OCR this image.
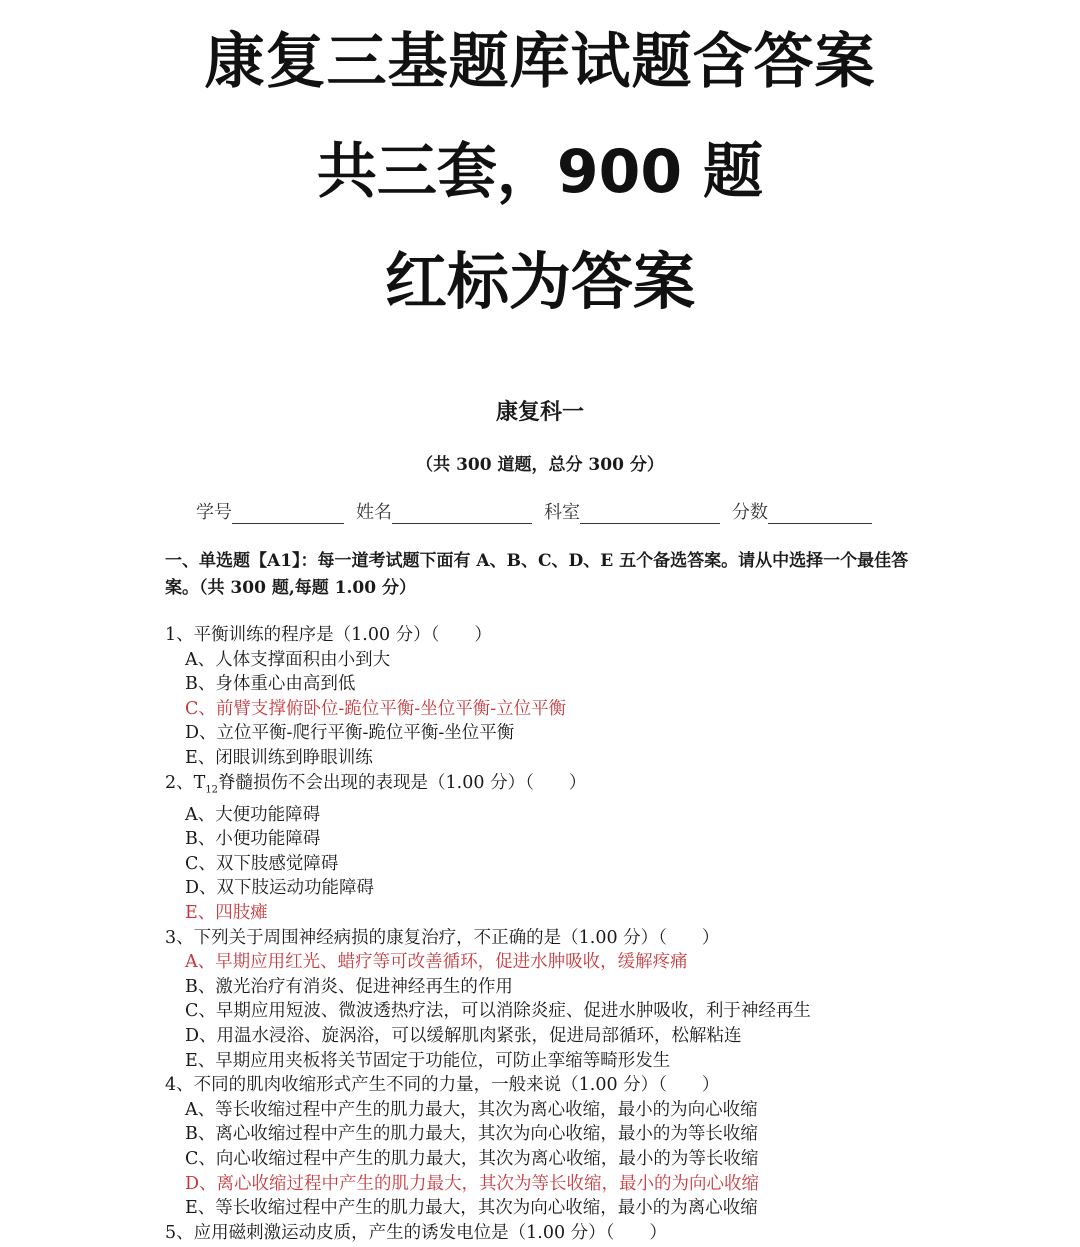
康复三基题库试题含答案
共三套，900 题
红标为答案
康复科一
（共 300 道题，总分 300 分）
学号	姓名	科室	分数
一、单选题【A1】：每一道考试题下面有 A、B、C、D、E 五个备选答案。请从中选择一个最佳答案。（共 300 题,每题 1.00 分）
1、平衡训练的程序是（1.00 分）（　　）
A、人体支撑面积由小到大
B、身体重心由高到低
C、前臂支撑俯卧位-跪位平衡-坐位平衡-立位平衡
D、立位平衡-爬行平衡-跪位平衡-坐位平衡
E、闭眼训练到睁眼训练
2、$T_{12}$脊髓损伤不会出现的表现是（1.00 分）（　　）
A、大便功能障碍
B、小便功能障碍
C、双下肢感觉障碍
D、双下肢运动功能障碍
E、四肢瘫
3、下列关于周围神经病损的康复治疗，不正确的是（1.00 分）（　　）
A、早期应用红光、蜡疗等可改善循环，促进水肿吸收，缓解疼痛
B、激光治疗有消炎、促进神经再生的作用
C、早期应用短波、微波透热疗法，可以消除炎症、促进水肿吸收，利于神经再生
D、用温水浸浴、旋涡浴，可以缓解肌肉紧张，促进局部循环，松解粘连
E、早期应用夹板将关节固定于功能位，可防止挛缩等畸形发生
4、不同的肌肉收缩形式产生不同的力量，一般来说（1.00 分）（　　）
A、等长收缩过程中产生的肌力最大，其次为离心收缩，最小的为向心收缩
B、离心收缩过程中产生的肌力最大，其次为向心收缩，最小的为等长收缩
C、向心收缩过程中产生的肌力最大，其次为离心收缩，最小的为等长收缩
D、离心收缩过程中产生的肌力最大，其次为等长收缩，最小的为向心收缩
E、等长收缩过程中产生的肌力最大，其次为向心收缩，最小的为离心收缩
5、应用磁刺激运动皮质，产生的诱发电位是（1.00 分）（　　）
